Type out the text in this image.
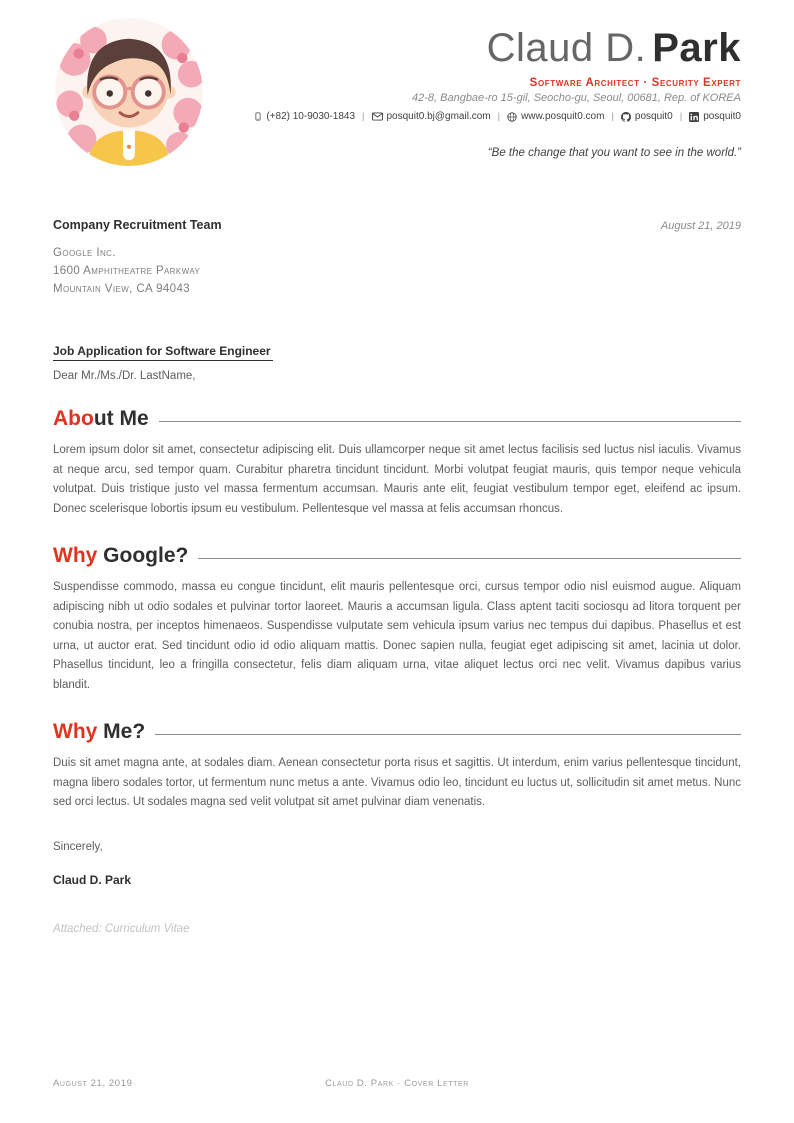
Claud D. Park
Software Architect · Security Expert
42-8, Bangbae-ro 15-gil, Seocho-gu, Seoul, 00681, Rep. of KOREA
(+82) 10-9030-1843 | posquit0.bj@gmail.com | www.posquit0.com | posquit0 | posquit0
“Be the change that you want to see in the world.”
Company Recruitment Team	August 21, 2019
Google Inc.
1600 Amphitheatre Parkway
Mountain View, CA 94043
Job Application for Software Engineer
Dear Mr./Ms./Dr. LastName,
Abo ut Me

Lorem ipsum dolor sit amet, consectetur adipiscing elit. Duis ullamcorper neque sit amet lectus facilisis sed luctus nisl iaculis. Vivamus at neque arcu, sed tempor quam. Curabitur pharetra tincidunt tincidunt. Morbi volutpat feugiat mauris, quis tempor neque vehicula volutpat. Duis tristique justo vel massa fermentum accumsan. Mauris ante elit, feugiat vestibulum tempor eget, eleifend ac ipsum. Donec scelerisque lobortis ipsum eu vestibulum. Pellentesque vel massa at felis accumsan rhoncus.

Why Google?

Suspendisse commodo, massa eu congue tincidunt, elit mauris pellentesque orci, cursus tempor odio nisl euismod augue. Aliquam adipiscing nibh ut odio sodales et pulvinar tortor laoreet. Mauris a accumsan ligula. Class aptent taciti sociosqu ad litora torquent per conubia nostra, per inceptos himenaeos. Suspendisse vulputate sem vehicula ipsum varius nec tempus dui dapibus. Phasellus et est urna, ut auctor erat. Sed tincidunt odio id odio aliquam mattis. Donec sapien nulla, feugiat eget adipiscing sit amet, lacinia ut dolor. Phasellus tincidunt, leo a fringilla consectetur, felis diam aliquam urna, vitae aliquet lectus orci nec velit. Vivamus dapibus varius blandit.

Why Me?

Duis sit amet magna ante, at sodales diam. Aenean consectetur porta risus et sagittis. Ut interdum, enim varius pellentesque tincidunt, magna libero sodales tortor, ut fermentum nunc metus a ante. Vivamus odio leo, tincidunt eu luctus ut, sollicitudin sit amet metus. Nunc sed orci lectus. Ut sodales magna sed velit volutpat sit amet pulvinar diam venenatis.

Sincerely,
Claud D. Park
Attached: Curriculum Vitae
August 21, 2019	Claud D. Park · Cover Letter
